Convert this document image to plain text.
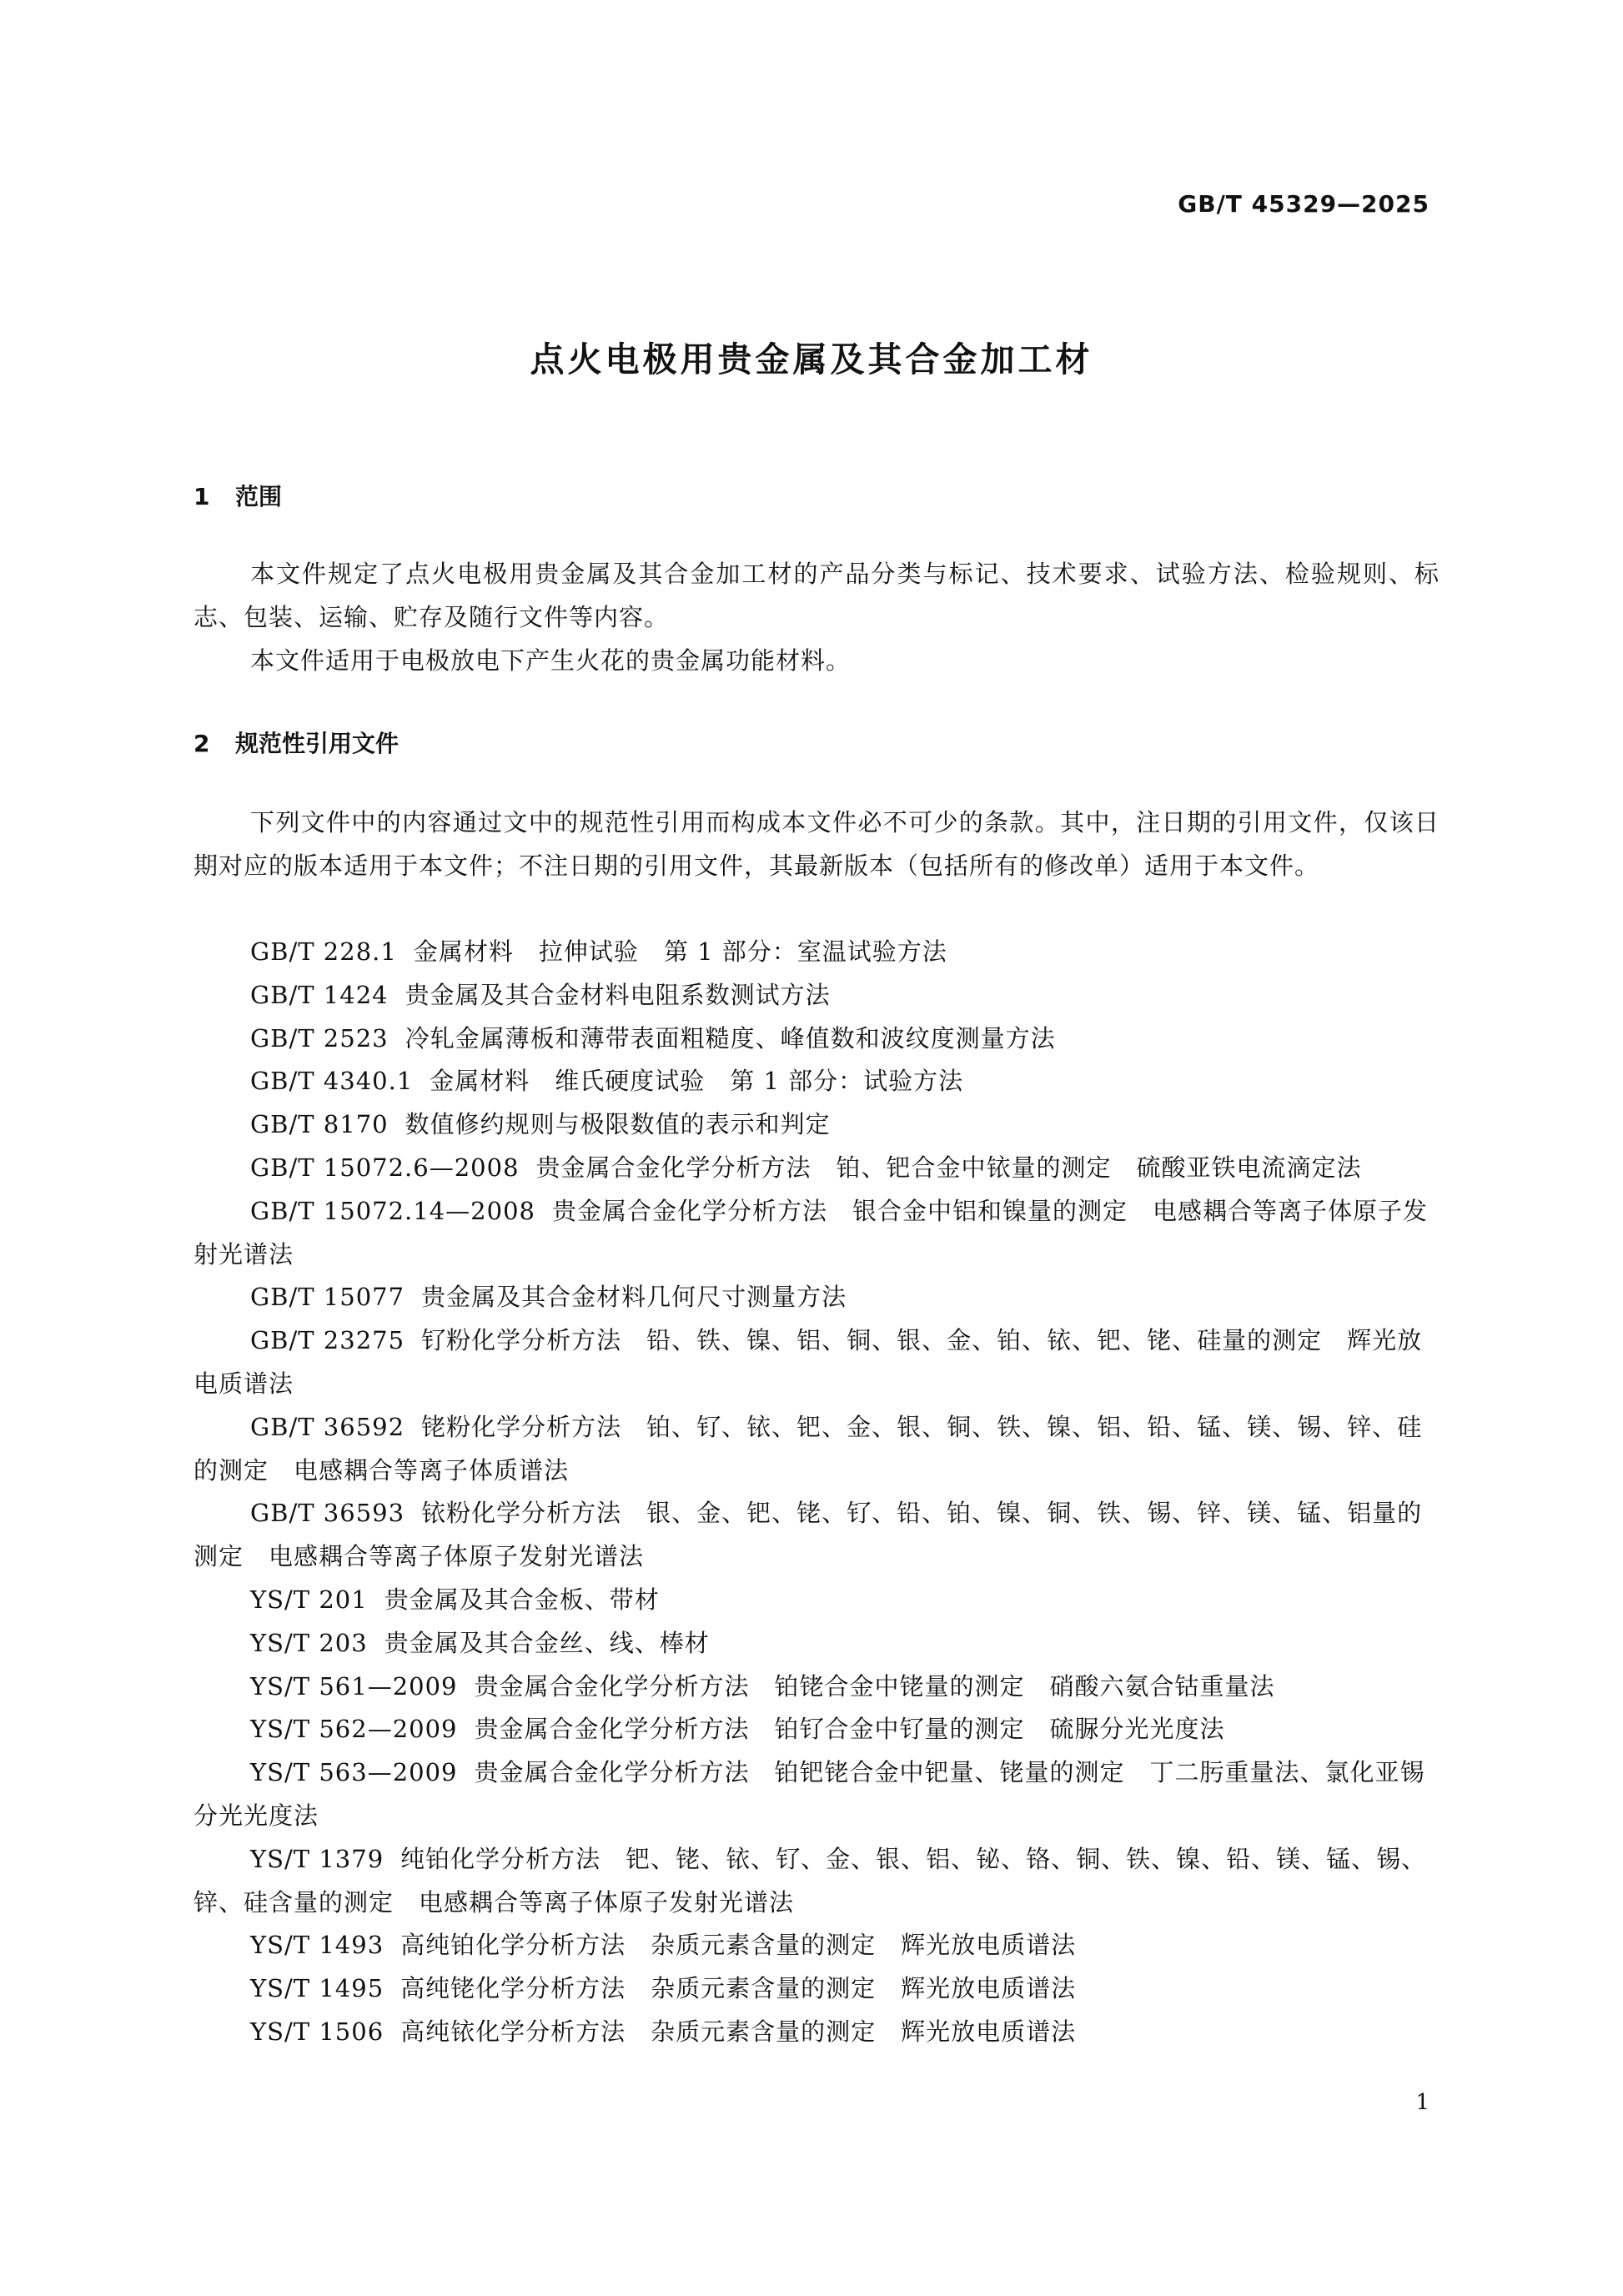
GB/T 45329—2025
点火电极用贵金属及其合金加工材
1 范围

本文件规定了点火电极用贵金属及其合金加工材的产品分类与标记、技术要求、试验方法、检验规则、标志、包装、运输、贮存及随行文件等内容。

本文件适用于电极放电下产生火花的贵金属功能材料。

2 规范性引用文件

下列文件中的内容通过文中的规范性引用而构成本文件必不可少的条款。其中，注日期的引用文件，仅该日期对应的版本适用于本文件；不注日期的引用文件，其最新版本（包括所有的修改单）适用于本文件。

GB/T 228.1 金属材料　拉伸试验　第 1 部分：室温试验方法
GB/T 1424 贵金属及其合金材料电阻系数测试方法
GB/T 2523 冷轧金属薄板和薄带表面粗糙度、峰值数和波纹度测量方法
GB/T 4340.1 金属材料　维氏硬度试验　第 1 部分：试验方法
GB/T 8170 数值修约规则与极限数值的表示和判定
GB/T 15072.6—2008 贵金属合金化学分析方法　铂、钯合金中铱量的测定　硫酸亚铁电流滴定法
GB/T 15072.14—2008 贵金属合金化学分析方法　银合金中铝和镍量的测定　电感耦合等离子体原子发射光谱法
GB/T 15077 贵金属及其合金材料几何尺寸测量方法
GB/T 23275 钌粉化学分析方法　铅、铁、镍、铝、铜、银、金、铂、铱、钯、铑、硅量的测定　辉光放电质谱法
GB/T 36592 铑粉化学分析方法　铂、钌、铱、钯、金、银、铜、铁、镍、铝、铅、锰、镁、锡、锌、硅的测定　电感耦合等离子体质谱法
GB/T 36593 铱粉化学分析方法　银、金、钯、铑、钌、铅、铂、镍、铜、铁、锡、锌、镁、锰、铝量的测定　电感耦合等离子体原子发射光谱法
YS/T 201 贵金属及其合金板、带材
YS/T 203 贵金属及其合金丝、线、棒材
YS/T 561—2009 贵金属合金化学分析方法　铂铑合金中铑量的测定　硝酸六氨合钴重量法
YS/T 562—2009 贵金属合金化学分析方法　铂钌合金中钌量的测定　硫脲分光光度法
YS/T 563—2009 贵金属合金化学分析方法　铂钯铑合金中钯量、铑量的测定　丁二肟重量法、氯化亚锡分光光度法
YS/T 1379 纯铂化学分析方法　钯、铑、铱、钌、金、银、铝、铋、铬、铜、铁、镍、铅、镁、锰、锡、锌、硅含量的测定　电感耦合等离子体原子发射光谱法
YS/T 1493 高纯铂化学分析方法　杂质元素含量的测定　辉光放电质谱法
YS/T 1495 高纯铑化学分析方法　杂质元素含量的测定　辉光放电质谱法
YS/T 1506 高纯铱化学分析方法　杂质元素含量的测定　辉光放电质谱法
1
